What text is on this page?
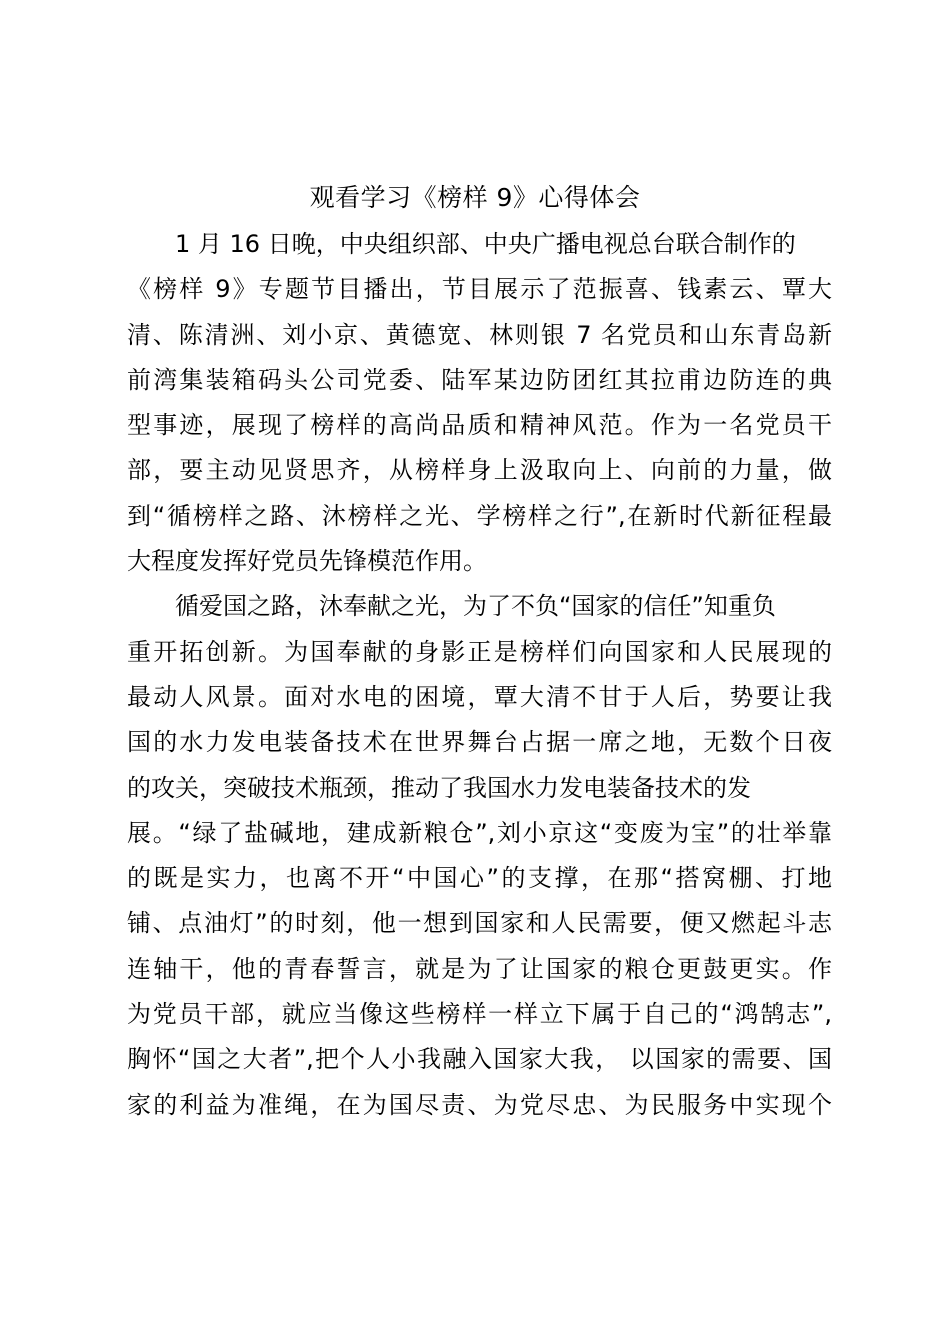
观看学习《榜样 9》心得体会
1 月 16 日晚，中央组织部、中央广播电视总台联合制作的
《榜样 9》专题节目播出，节目展示了范振喜、钱素云、覃大
清、陈清洲、刘小京、黄德宽、林则银 7 名党员和山东青岛新
前湾集装箱码头公司党委、陆军某边防团红其拉甫边防连的典
型事迹，展现了榜样的高尚品质和精神风范。作为一名党员干
部，要主动见贤思齐，从榜样身上汲取向上、向前的力量，做
到“循榜样之路、沐榜样之光、学榜样之行”,在新时代新征程最
大程度发挥好党员先锋模范作用。
循爱国之路，沐奉献之光，为了不负“国家的信任”知重负
重开拓创新。为国奉献的身影正是榜样们向国家和人民展现的
最动人风景。面对水电的困境，覃大清不甘于人后，势要让我
国的水力发电装备技术在世界舞台占据一席之地，无数个日夜
的攻关，突破技术瓶颈，推动了我国水力发电装备技术的发
展。“绿了盐碱地，建成新粮仓”,刘小京这“变废为宝”的壮举靠
的既是实力，也离不开“中国心”的支撑，在那“搭窝棚、打地
铺、点油灯”的时刻，他一想到国家和人民需要，便又燃起斗志
连轴干，他的青春誓言，就是为了让国家的粮仓更鼓更实。作
为党员干部，就应当像这些榜样一样立下属于自己的“鸿鹄志”,
胸怀“国之大者”,把个人小我融入国家大我， 以国家的需要、国
家的利益为准绳，在为国尽责、为党尽忠、为民服务中实现个
